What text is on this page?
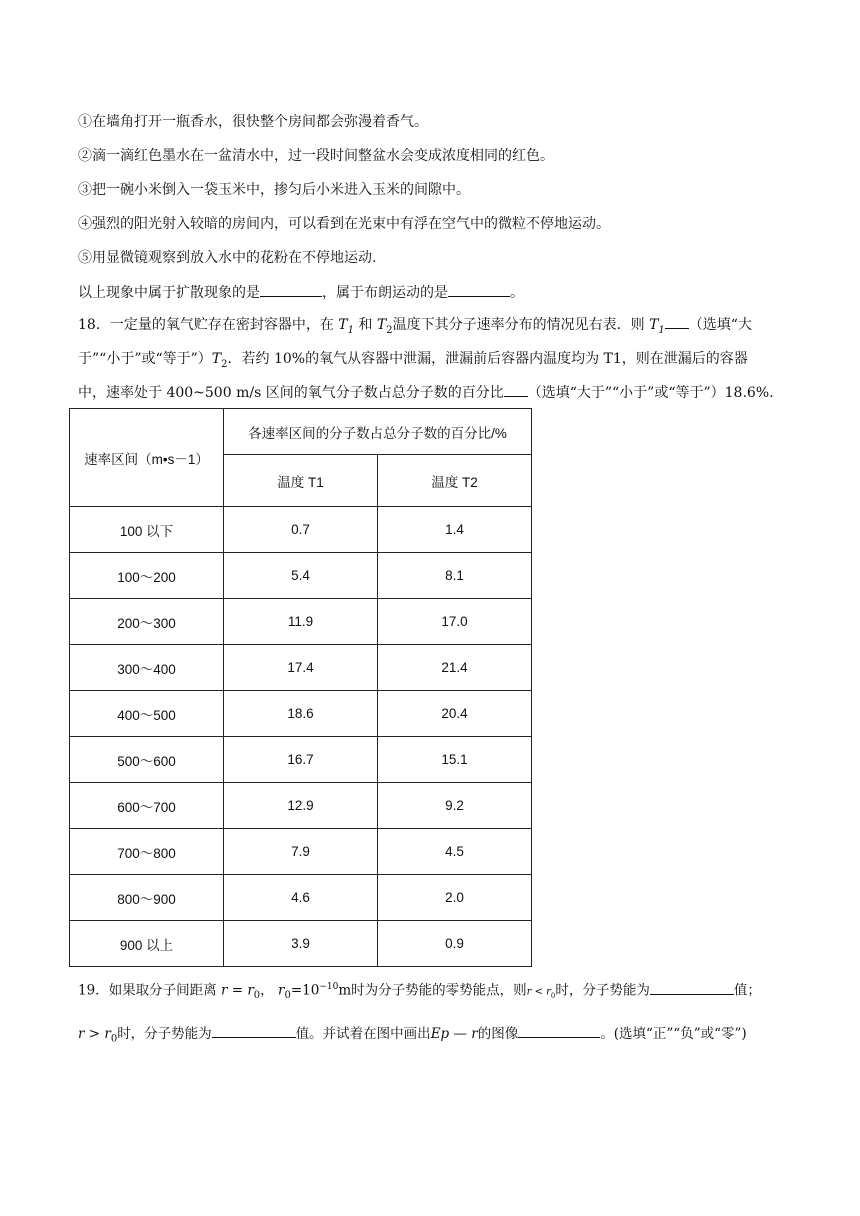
①在墙角打开一瓶香水，很快整个房间都会弥漫着香气。
②滴一滴红色墨水在一盆清水中，过一段时间整盆水会变成浓度相同的红色。
③把一碗小米倒入一袋玉米中，掺匀后小米进入玉米的间隙中。
④强烈的阳光射入较暗的房间内，可以看到在光束中有浮在空气中的微粒不停地运动。
⑤用显微镜观察到放入水中的花粉在不停地运动.
以上现象中属于扩散现象的是	，属于布朗运动的是	。
18．一定量的氧气贮存在密封容器中，在 $T_1$ 和 $T_2$温度下其分子速率分布的情况见右表．则 $T_1$ （选填“大
于”“小于”或“等于$”)T_2$．若约 10%的氧气从容器中泄漏，泄漏前后容器内温度均为 T1，则在泄漏后的容器
中，速率处于 400~500 m/s 区间的氧气分子数占总分子数的百分比 （选填“大于”“小于”或“等于”）18.6%.
速率区间（m•s－1）	各速率区间的分子数占总分子数的百分比/%	
	温度 T1	温度 T2
100 以下	0.7	1.4
100～200	5.4	8.1
200～300	11.9	17.0
300～400	17.4	21.4
400～500	18.6	20.4
500～600	16.7	15.1
600～700	12.9	9.2
700～800	7.9	4.5
800～900	4.6	2.0
900 以上	3.9	0.9
19．如果取分子间距离 $r = r_0$， $r_0=10^{-10}m$时为分子势能的零势能点，则$r < r_0$时，分子势能为	值；
$r > r_0$时，分子势能为	值。并试着在图中画出Ep — r的图像	。(选填“正”“负”或“零”)
